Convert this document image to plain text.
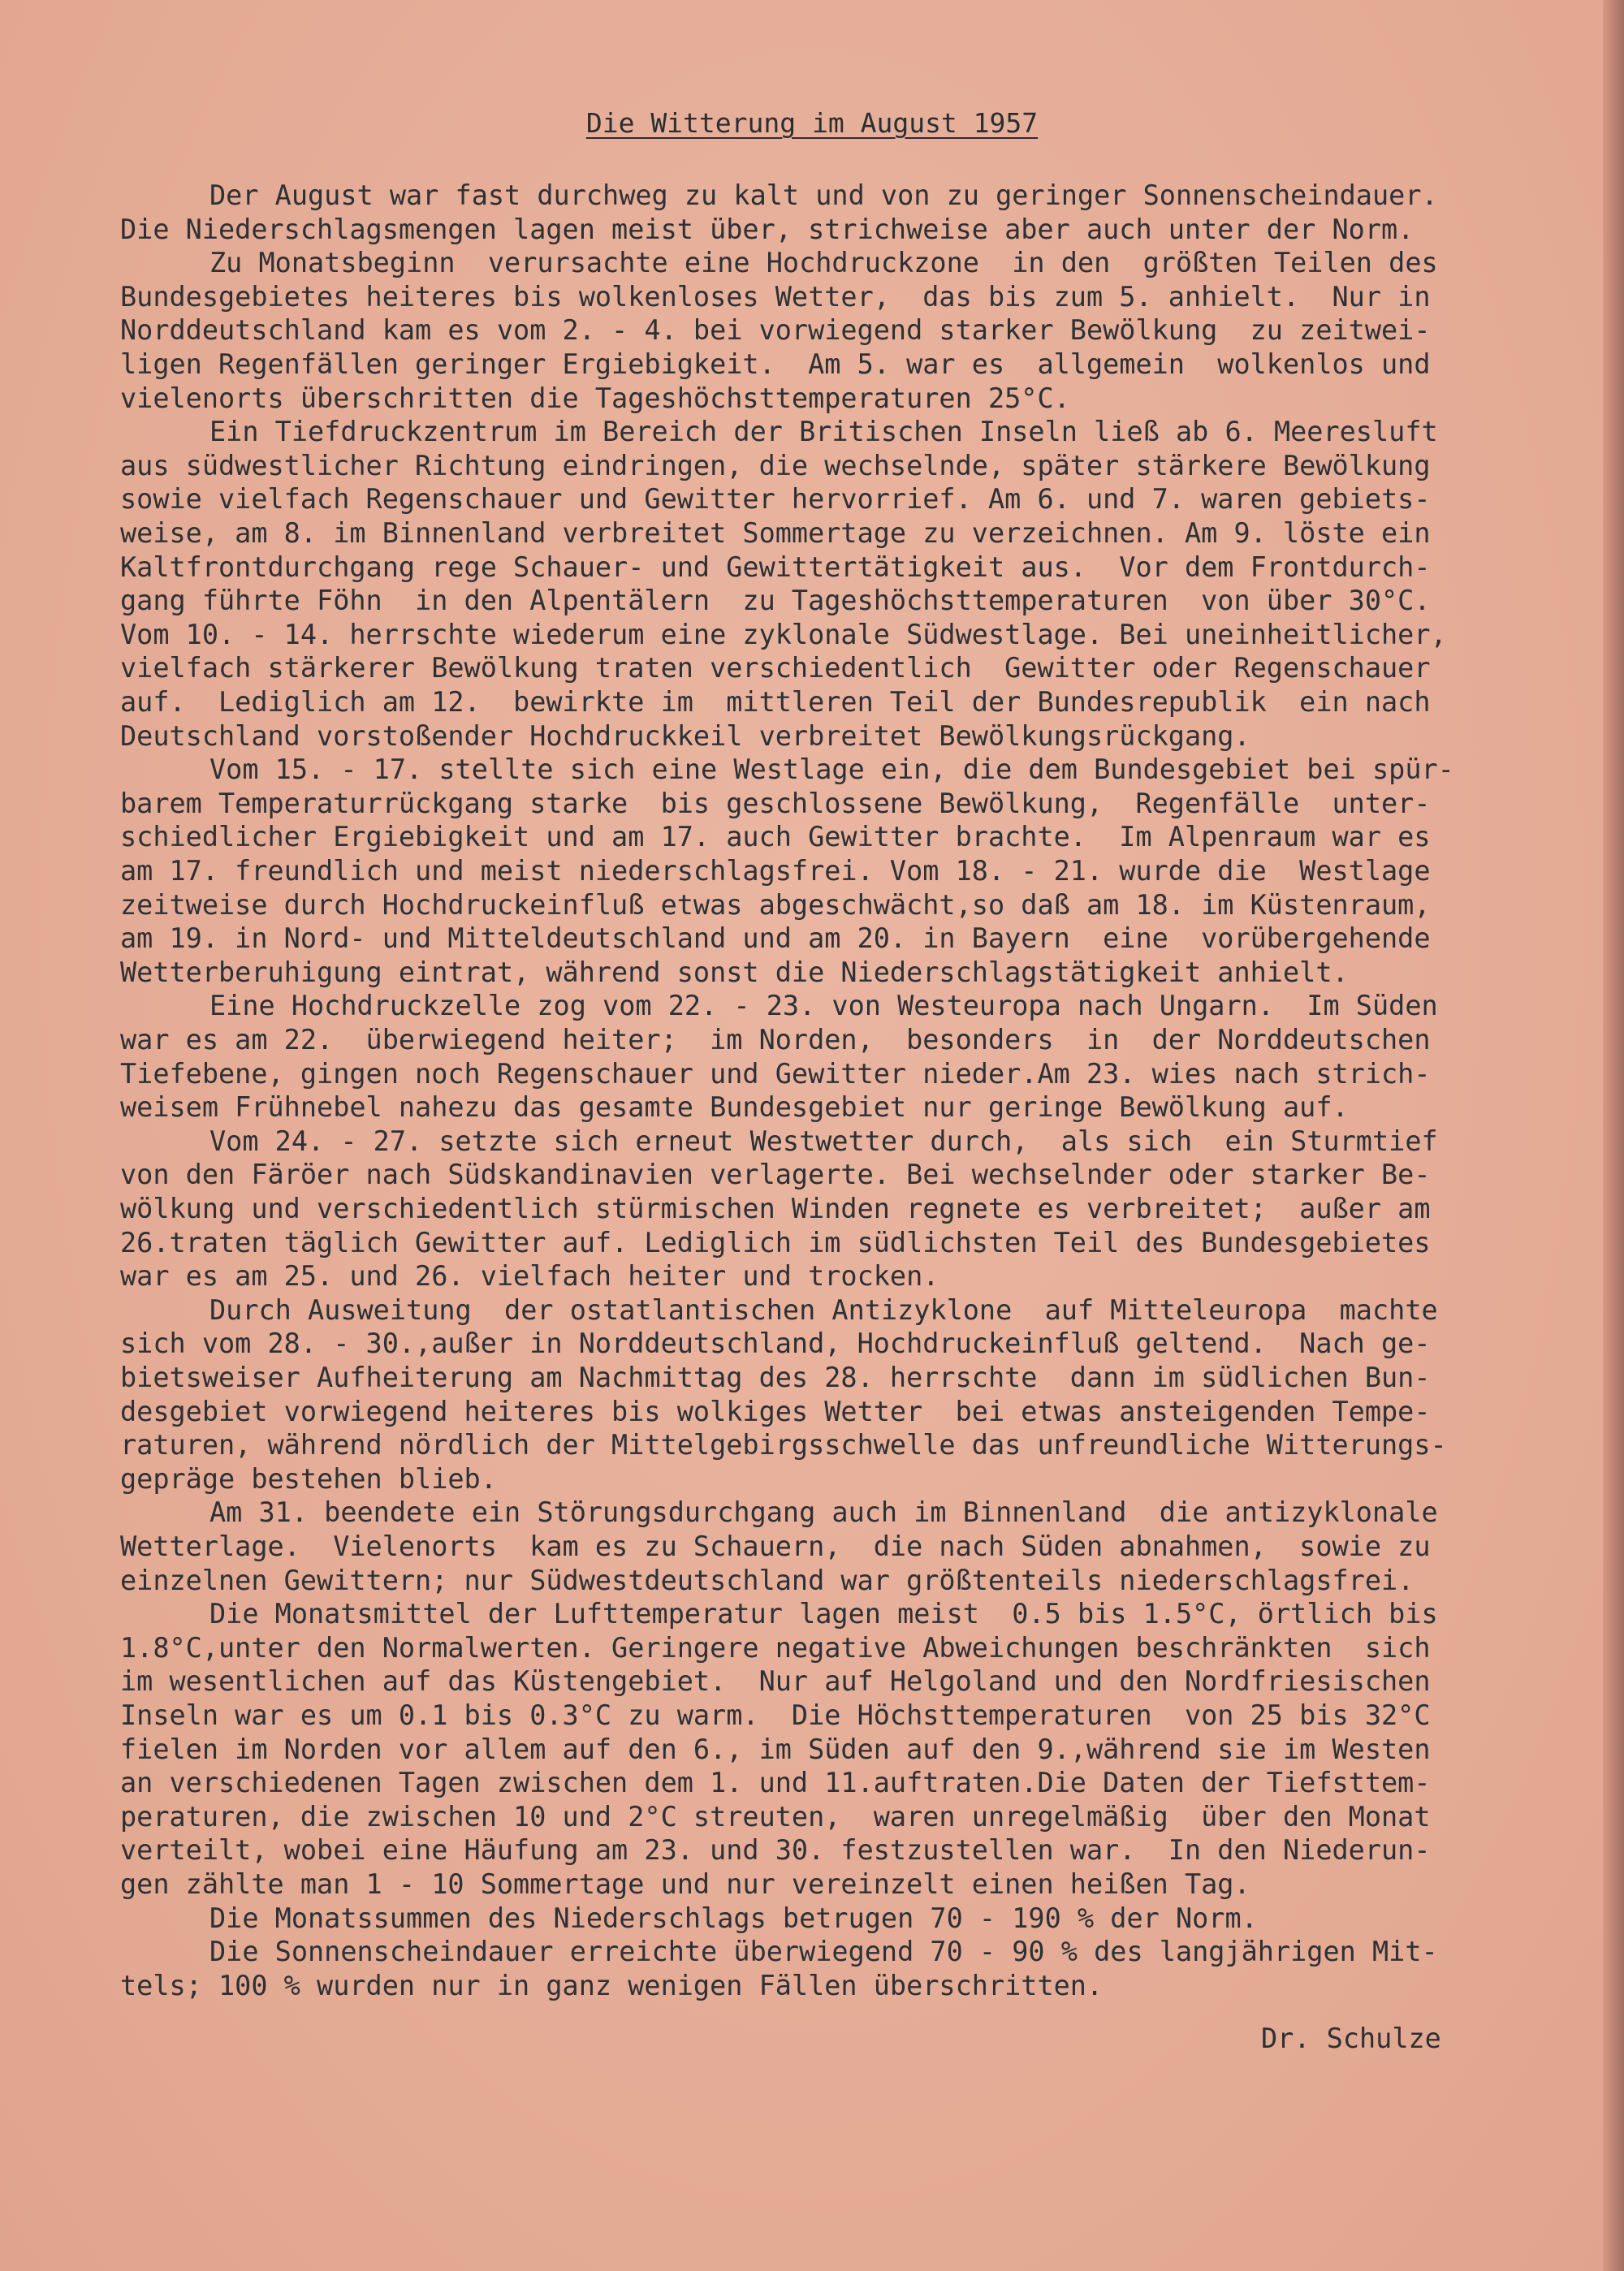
Die Witterung im August 1957
Der August war fast durchweg zu kalt und von zu geringer Sonnenscheindauer.
Die Niederschlagsmengen lagen meist über, strichweise aber auch unter der Norm.
Zu Monatsbeginn  verursachte eine Hochdruckzone  in den  größten Teilen des
Bundesgebietes heiteres bis wolkenloses Wetter,  das bis zum 5. anhielt.  Nur in
Norddeutschland kam es vom 2. - 4. bei vorwiegend starker Bewölkung  zu zeitwei-
ligen Regenfällen geringer Ergiebigkeit.  Am 5. war es  allgemein  wolkenlos und
vielenorts überschritten die Tageshöchsttemperaturen 25°C.
Ein Tiefdruckzentrum im Bereich der Britischen Inseln ließ ab 6. Meeresluft
aus südwestlicher Richtung eindringen, die wechselnde, später stärkere Bewölkung
sowie vielfach Regenschauer und Gewitter hervorrief. Am 6. und 7. waren gebiets-
weise, am 8. im Binnenland verbreitet Sommertage zu verzeichnen. Am 9. löste ein
Kaltfrontdurchgang rege Schauer- und Gewittertätigkeit aus.  Vor dem Frontdurch-
gang führte Föhn  in den Alpentälern  zu Tageshöchsttemperaturen  von über 30°C.
Vom 10. - 14. herrschte wiederum eine zyklonale Südwestlage. Bei uneinheitlicher,
vielfach stärkerer Bewölkung traten verschiedentlich  Gewitter oder Regenschauer
auf.  Lediglich am 12.  bewirkte im  mittleren Teil der Bundesrepublik  ein nach
Deutschland vorstoßender Hochdruckkeil verbreitet Bewölkungsrückgang.
Vom 15. - 17. stellte sich eine Westlage ein, die dem Bundesgebiet bei spür-
barem Temperaturrückgang starke  bis geschlossene Bewölkung,  Regenfälle  unter-
schiedlicher Ergiebigkeit und am 17. auch Gewitter brachte.  Im Alpenraum war es
am 17. freundlich und meist niederschlagsfrei. Vom 18. - 21. wurde die  Westlage
zeitweise durch Hochdruckeinfluß etwas abgeschwächt,so daß am 18. im Küstenraum,
am 19. in Nord- und Mitteldeutschland und am 20. in Bayern  eine  vorübergehende
Wetterberuhigung eintrat, während sonst die Niederschlagstätigkeit anhielt.
Eine Hochdruckzelle zog vom 22. - 23. von Westeuropa nach Ungarn.  Im Süden
war es am 22.  überwiegend heiter;  im Norden,  besonders  in  der Norddeutschen
Tiefebene, gingen noch Regenschauer und Gewitter nieder.Am 23. wies nach strich-
weisem Frühnebel nahezu das gesamte Bundesgebiet nur geringe Bewölkung auf.
Vom 24. - 27. setzte sich erneut Westwetter durch,  als sich  ein Sturmtief
von den Färöer nach Südskandinavien verlagerte. Bei wechselnder oder starker Be-
wölkung und verschiedentlich stürmischen Winden regnete es verbreitet;  außer am
26.traten täglich Gewitter auf. Lediglich im südlichsten Teil des Bundesgebietes
war es am 25. und 26. vielfach heiter und trocken.
Durch Ausweitung  der ostatlantischen Antizyklone  auf Mitteleuropa  machte
sich vom 28. - 30.,außer in Norddeutschland, Hochdruckeinfluß geltend.  Nach ge-
bietsweiser Aufheiterung am Nachmittag des 28. herrschte  dann im südlichen Bun-
desgebiet vorwiegend heiteres bis wolkiges Wetter  bei etwas ansteigenden Tempe-
raturen, während nördlich der Mittelgebirgsschwelle das unfreundliche Witterungs-
gepräge bestehen blieb.
Am 31. beendete ein Störungsdurchgang auch im Binnenland  die antizyklonale
Wetterlage.  Vielenorts  kam es zu Schauern,  die nach Süden abnahmen,  sowie zu
einzelnen Gewittern; nur Südwestdeutschland war größtenteils niederschlagsfrei.
Die Monatsmittel der Lufttemperatur lagen meist  0.5 bis 1.5°C, örtlich bis
1.8°C,unter den Normalwerten. Geringere negative Abweichungen beschränkten  sich
im wesentlichen auf das Küstengebiet.  Nur auf Helgoland und den Nordfriesischen
Inseln war es um 0.1 bis 0.3°C zu warm.  Die Höchsttemperaturen  von 25 bis 32°C
fielen im Norden vor allem auf den 6., im Süden auf den 9.,während sie im Westen
an verschiedenen Tagen zwischen dem 1. und 11.auftraten.Die Daten der Tiefsttem-
peraturen, die zwischen 10 und 2°C streuten,  waren unregelmäßig  über den Monat
verteilt, wobei eine Häufung am 23. und 30. festzustellen war.  In den Niederun-
gen zählte man 1 - 10 Sommertage und nur vereinzelt einen heißen Tag.
Die Monatssummen des Niederschlags betrugen 70 - 190 % der Norm.
Die Sonnenscheindauer erreichte überwiegend 70 - 90 % des langjährigen Mit-
tels; 100 % wurden nur in ganz wenigen Fällen überschritten.
Dr. Schulze
